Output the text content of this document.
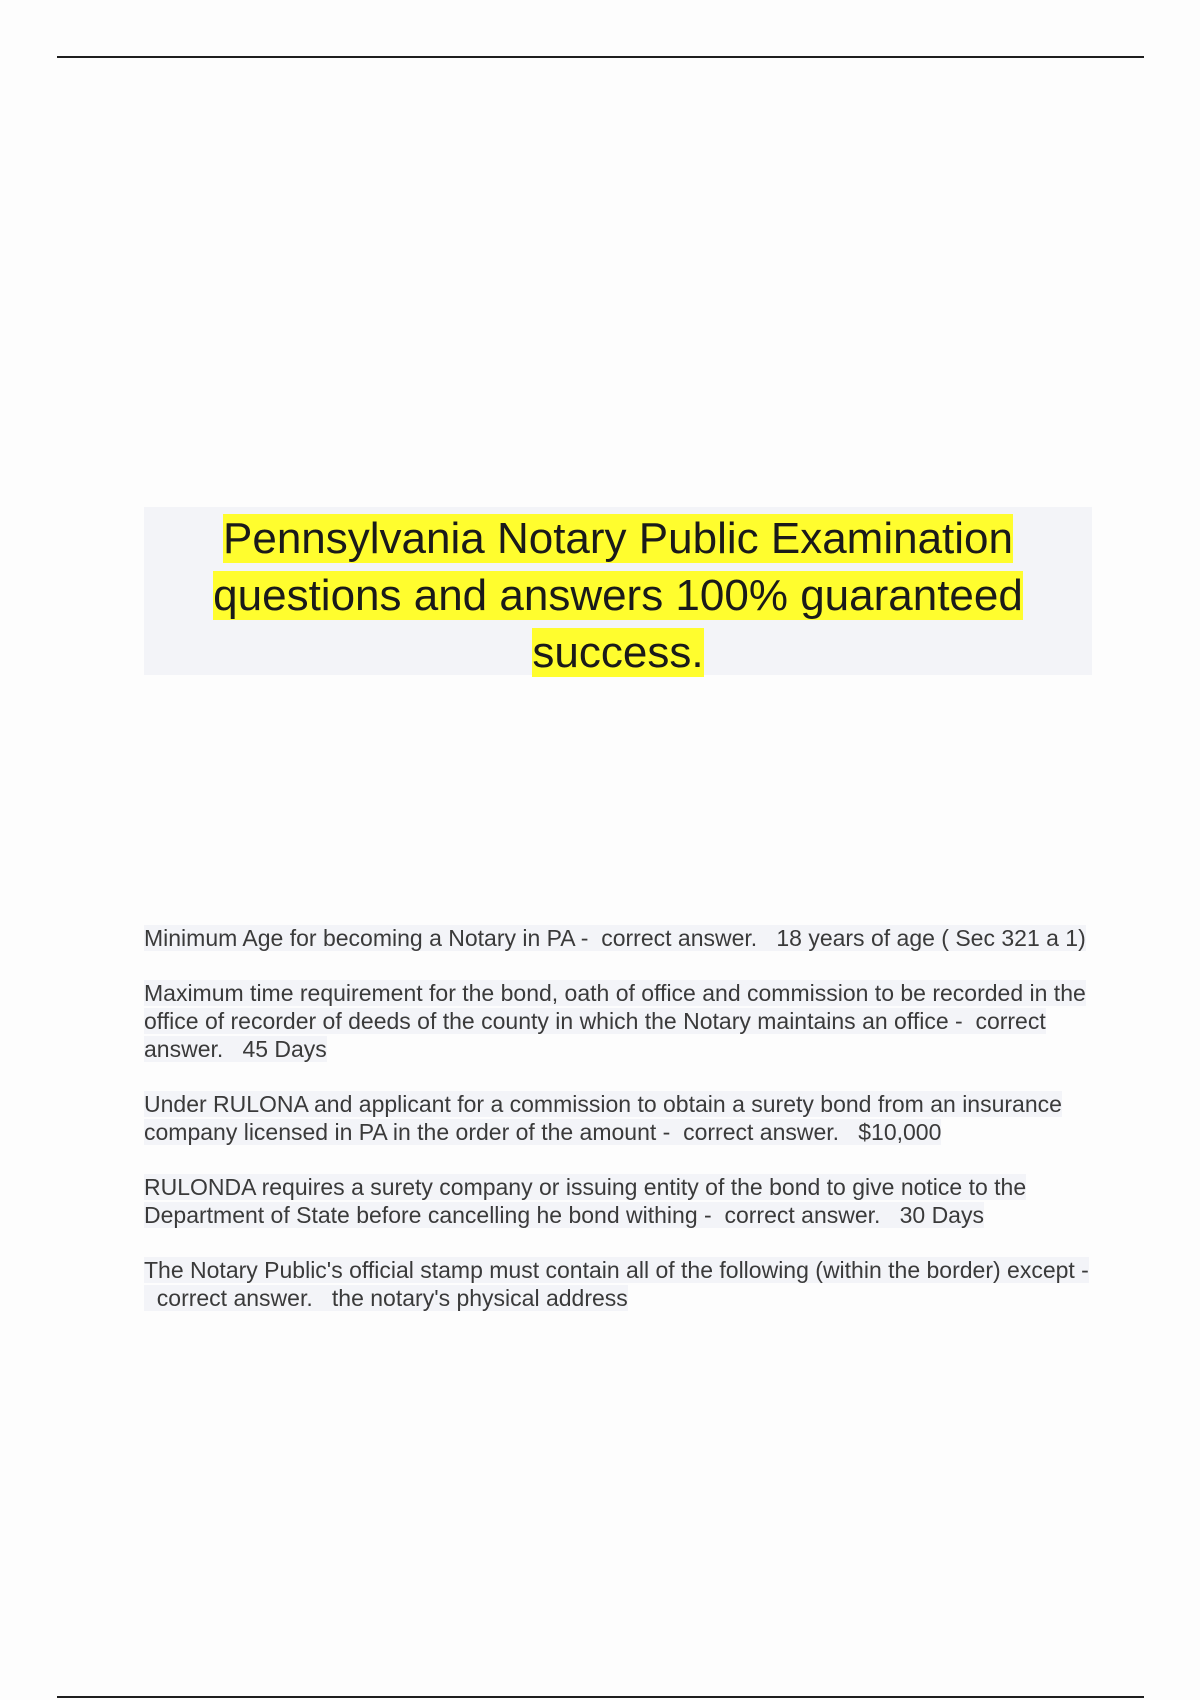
Pennsylvania Notary Public Examination questions and answers 100% guaranteed success.

Minimum Age for becoming a Notary in PA - correct answer. 18 years of age ( Sec 321 a 1)

Maximum time requirement for the bond, oath of office and commission to be recorded in the office of recorder of deeds of the county in which the Notary maintains an office - correct answer. 45 Days

Under RULONA and applicant for a commission to obtain a surety bond from an insurance company licensed in PA in the order of the amount - correct answer. $10,000

RULONDA requires a surety company or issuing entity of the bond to give notice to the Department of State before cancelling he bond withing - correct answer. 30 Days

The Notary Public's official stamp must contain all of the following (within the border) except -  correct answer. the notary's physical address
